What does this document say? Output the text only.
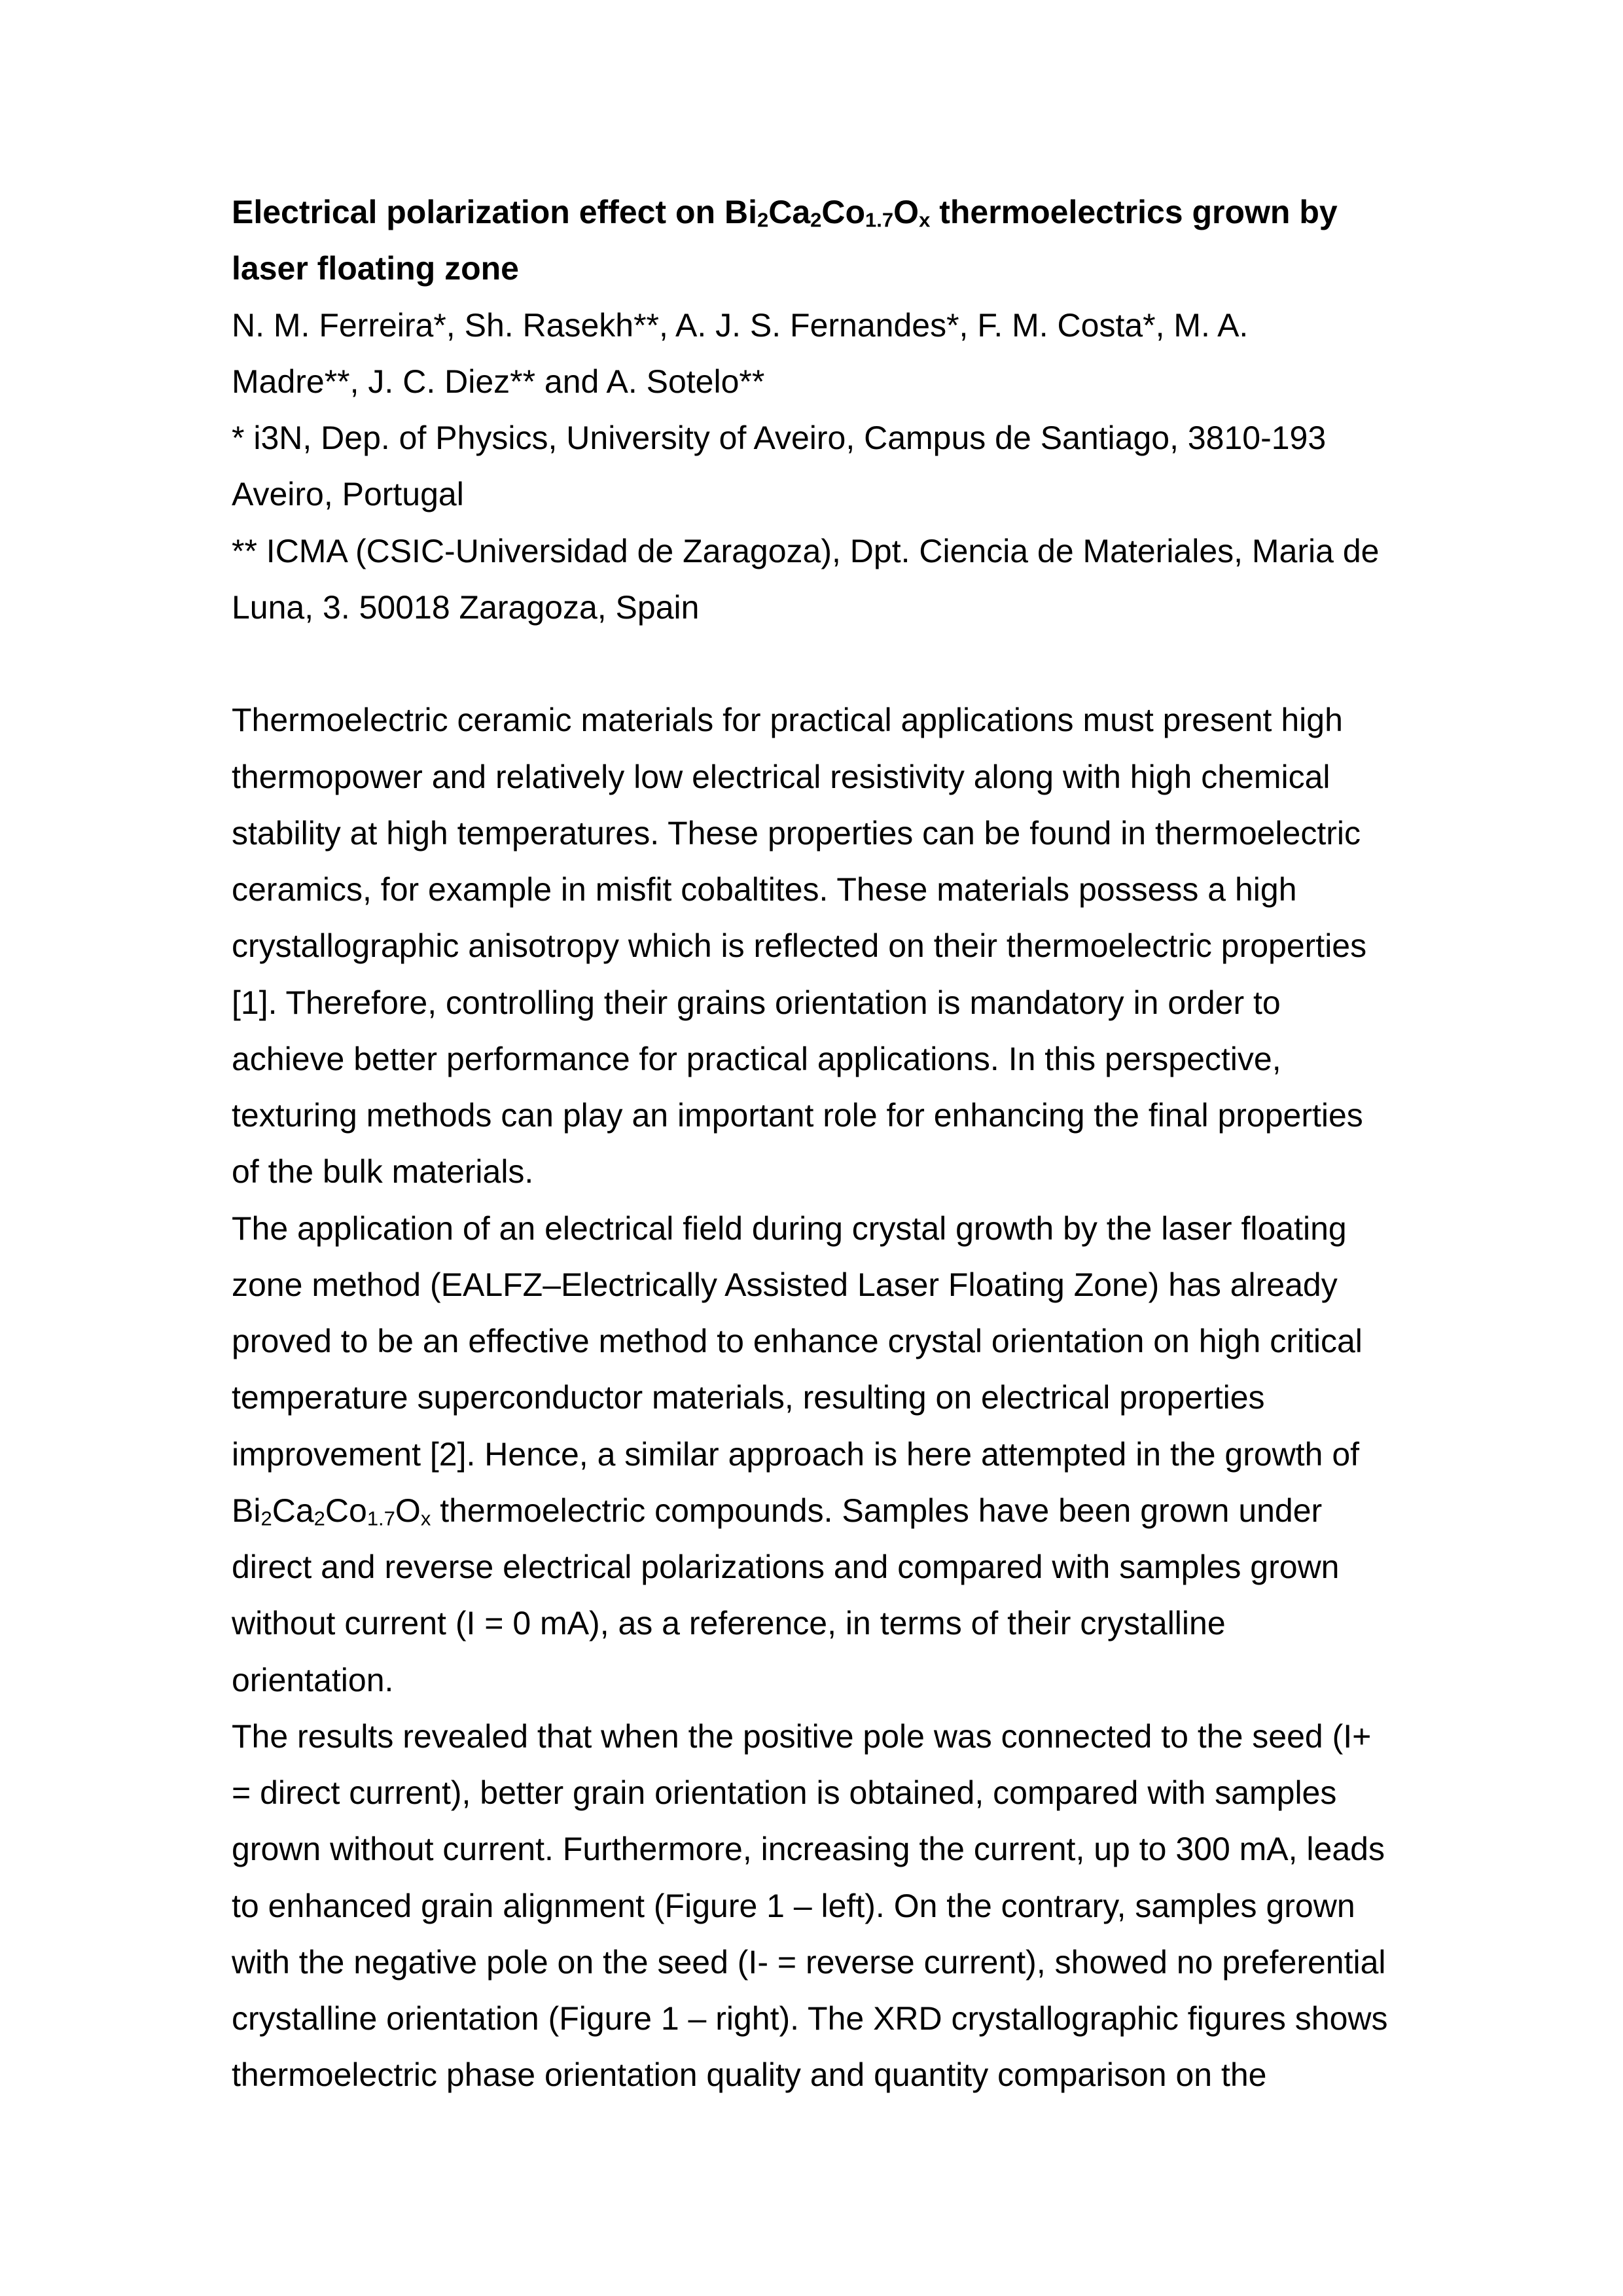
Electrical polarization effect on $Bi_2Ca_2Co_{1.7}O_x$ thermoelectrics grown by
laser floating zone
N. M. Ferreira*, Sh. Rasekh**, A. J. S. Fernandes*, F. M. Costa*, M. A.
Madre**, J. C. Diez** and A. Sotelo**
* i3N, Dep. of Physics, University of Aveiro, Campus de Santiago, 3810-193
Aveiro, Portugal
** ICMA (CSIC-Universidad de Zaragoza), Dpt. Ciencia de Materiales, Maria de
Luna, 3. 50018 Zaragoza, Spain

Thermoelectric ceramic materials for practical applications must present high
thermopower and relatively low electrical resistivity along with high chemical
stability at high temperatures. These properties can be found in thermoelectric
ceramics, for example in misfit cobaltites. These materials possess a high
crystallographic anisotropy which is reflected on their thermoelectric properties
[1]. Therefore, controlling their grains orientation is mandatory in order to
achieve better performance for practical applications. In this perspective,
texturing methods can play an important role for enhancing the final properties
of the bulk materials.
The application of an electrical field during crystal growth by the laser floating
zone method (EALFZ–Electrically Assisted Laser Floating Zone) has already
proved to be an effective method to enhance crystal orientation on high critical
temperature superconductor materials, resulting on electrical properties
improvement [2]. Hence, a similar approach is here attempted in the growth of
$Bi_2Ca_2Co_{1.7}O_x$ thermoelectric compounds. Samples have been grown under
direct and reverse electrical polarizations and compared with samples grown
without current (I = 0 mA), as a reference, in terms of their crystalline
orientation.
The results revealed that when the positive pole was connected to the seed (I+
= direct current), better grain orientation is obtained, compared with samples
grown without current. Furthermore, increasing the current, up to 300 mA, leads
to enhanced grain alignment (Figure 1 – left). On the contrary, samples grown
with the negative pole on the seed (I- = reverse current), showed no preferential
crystalline orientation (Figure 1 – right). The XRD crystallographic figures shows
thermoelectric phase orientation quality and quantity comparison on the
